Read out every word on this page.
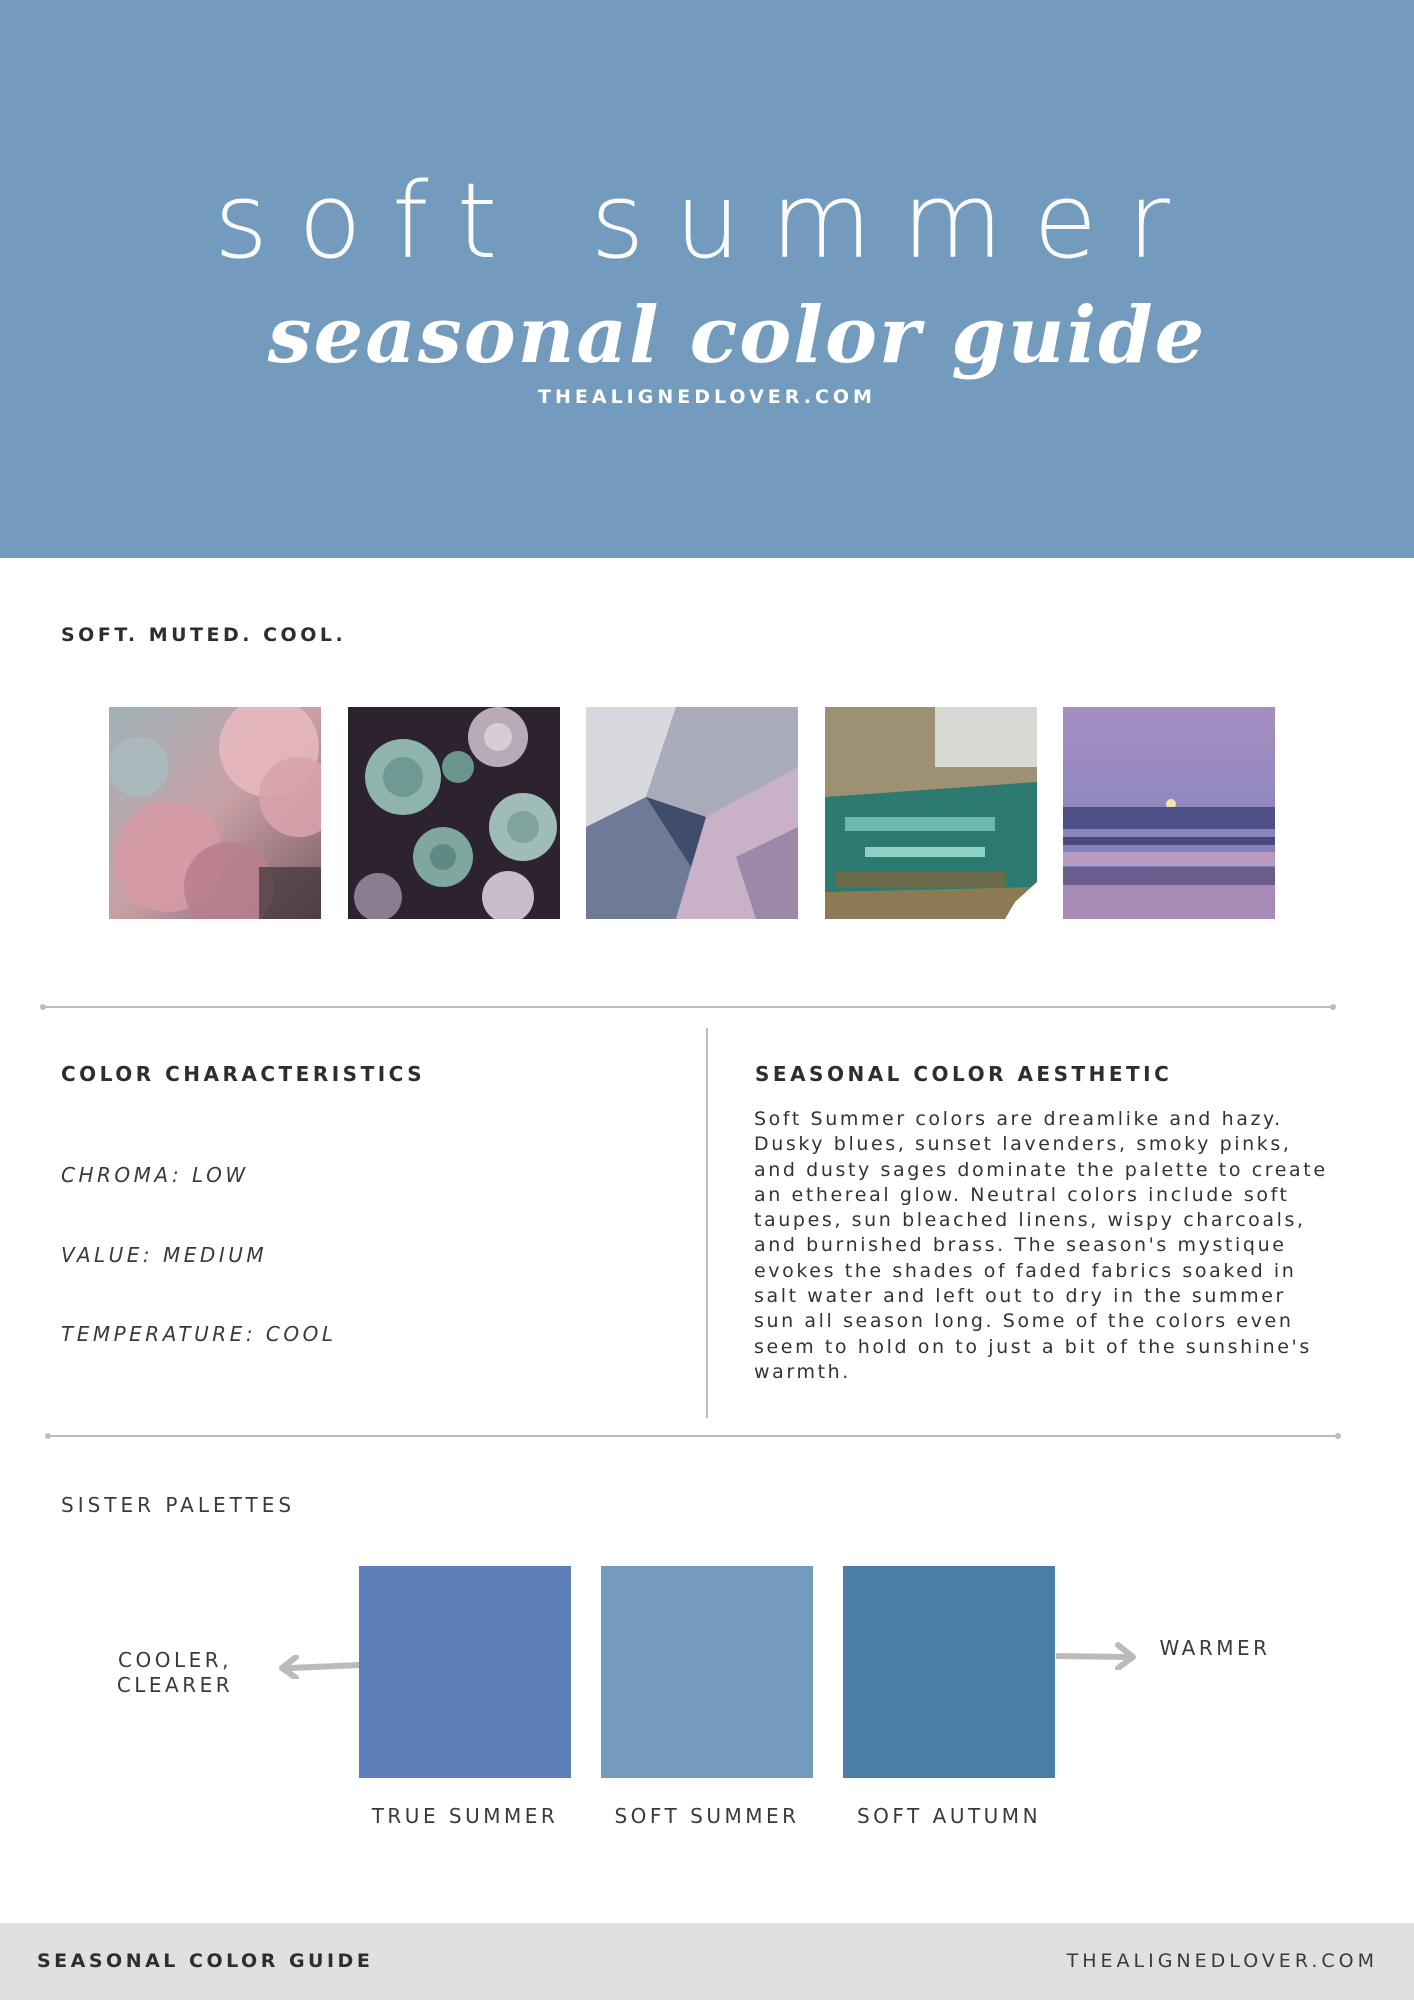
soft summer
seasonal color guide
THEALIGNEDLOVER.COM
SOFT. MUTED. COOL.
COLOR CHARACTERISTICS
CHROMA: LOW
VALUE: MEDIUM
TEMPERATURE: COOL
SEASONAL COLOR AESTHETIC
Soft Summer colors are dreamlike and hazy. Dusky blues, sunset lavenders, smoky pinks, and dusty sages dominate the palette to create an ethereal glow. Neutral colors include soft taupes, sun bleached linens, wispy charcoals, and burnished brass. The season's mystique evokes the shades of faded fabrics soaked in salt water and left out to dry in the summer sun all season long. Some of the colors even seem to hold on to just a bit of the sunshine's warmth.
SISTER PALETTES
COOLER,
CLEARER
WARMER
TRUE SUMMER	SOFT SUMMER	SOFT AUTUMN
SEASONAL COLOR GUIDE	THEALIGNEDLOVER.COM
